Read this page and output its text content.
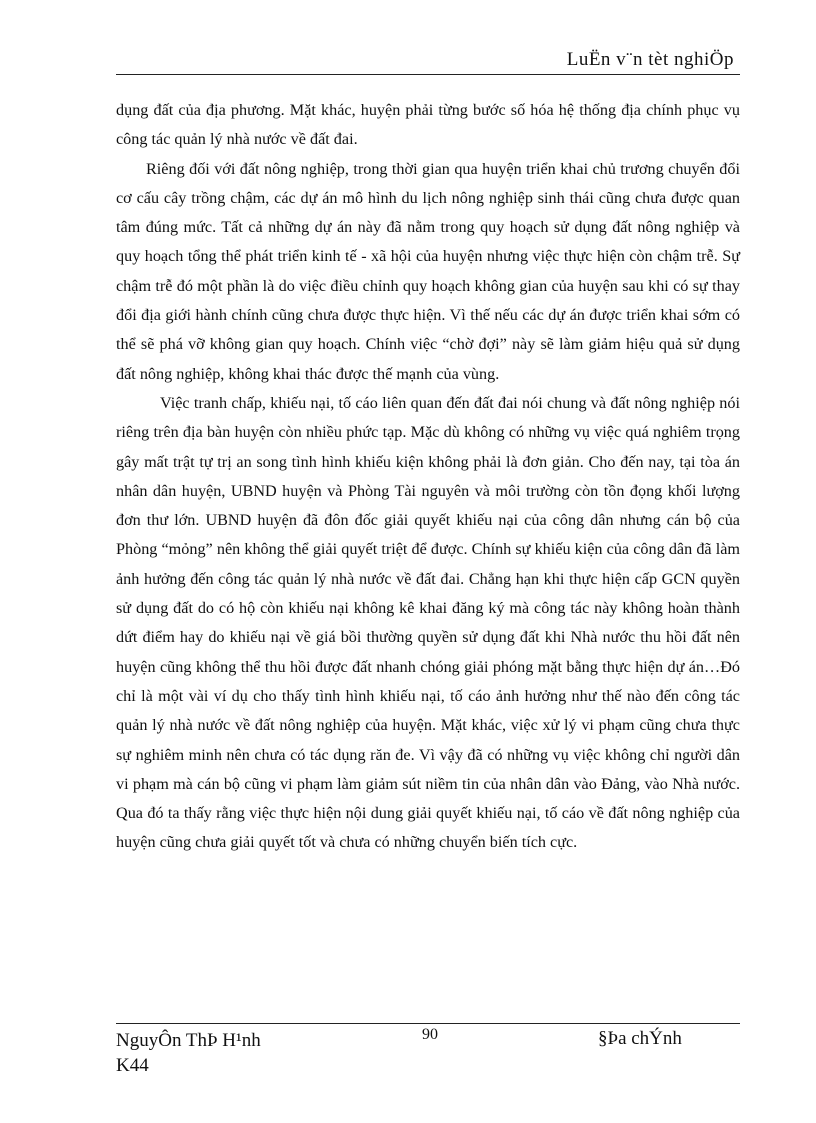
LuËn v¨n tèt nghiÖp

dụng đất của địa phương. Mặt khác, huyện phải từng bước số hóa hệ thống địa chính phục vụ công tác quản lý nhà nước về đất đai.

Riêng đối với đất nông nghiệp, trong thời gian qua huyện triển khai chủ trương chuyển đổi cơ cấu cây trồng chậm, các dự án mô hình du lịch nông nghiệp sinh thái cũng chưa được quan tâm đúng mức. Tất cả những dự án này đã nằm trong quy hoạch sử dụng đất nông nghiệp và quy hoạch tổng thể phát triển kinh tế - xã hội của huyện nhưng việc thực hiện còn chậm trễ. Sự chậm trễ đó một phần là do việc điều chỉnh quy hoạch không gian của huyện sau khi có sự thay đổi địa giới hành chính cũng chưa được thực hiện. Vì thế nếu các dự án được triển khai sớm có thể sẽ phá vỡ không gian quy hoạch. Chính việc “chờ đợi” này sẽ làm giảm hiệu quả sử dụng đất nông nghiệp, không khai thác được thế mạnh của vùng.

Việc tranh chấp, khiếu nại, tố cáo liên quan đến đất đai nói chung và đất nông nghiệp nói riêng trên địa bàn huyện còn nhiều phức tạp. Mặc dù không có những vụ việc quá nghiêm trọng gây mất trật tự trị an song tình hình khiếu kiện không phải là đơn giản. Cho đến nay, tại tòa án nhân dân huyện, UBND huyện và Phòng Tài nguyên và môi trường còn tồn đọng khối lượng đơn thư lớn. UBND huyện đã đôn đốc giải quyết khiếu nại của công dân nhưng cán bộ của Phòng “mỏng” nên không thể giải quyết triệt để được. Chính sự khiếu kiện của công dân đã làm ảnh hưởng đến công tác quản lý nhà nước về đất đai. Chẳng hạn khi thực hiện cấp GCN quyền sử dụng đất do có hộ còn khiếu nại không kê khai đăng ký mà công tác này không hoàn thành dứt điểm hay do khiếu nại về giá bồi thường quyền sử dụng đất khi Nhà nước thu hồi đất nên huyện cũng không thể thu hồi được đất nhanh chóng giải phóng mặt bằng thực hiện dự án…Đó chỉ là một vài ví dụ cho thấy tình hình khiếu nại, tố cáo ảnh hưởng như thế nào đến công tác quản lý nhà nước về đất nông nghiệp của huyện. Mặt khác, việc xử lý vi phạm cũng chưa thực sự nghiêm minh nên chưa có tác dụng răn đe. Vì vậy đã có những vụ việc không chỉ người dân vi phạm mà cán bộ cũng vi phạm làm giảm sút niềm tin của nhân dân vào Đảng, vào Nhà nước. Qua đó ta thấy rằng việc thực hiện nội dung giải quyết khiếu nại, tố cáo về đất nông nghiệp của huyện cũng chưa giải quyết tốt và chưa có những chuyển biến tích cực.

NguyÔn ThÞ H¹nh
K44
90	§Þa chÝnh
